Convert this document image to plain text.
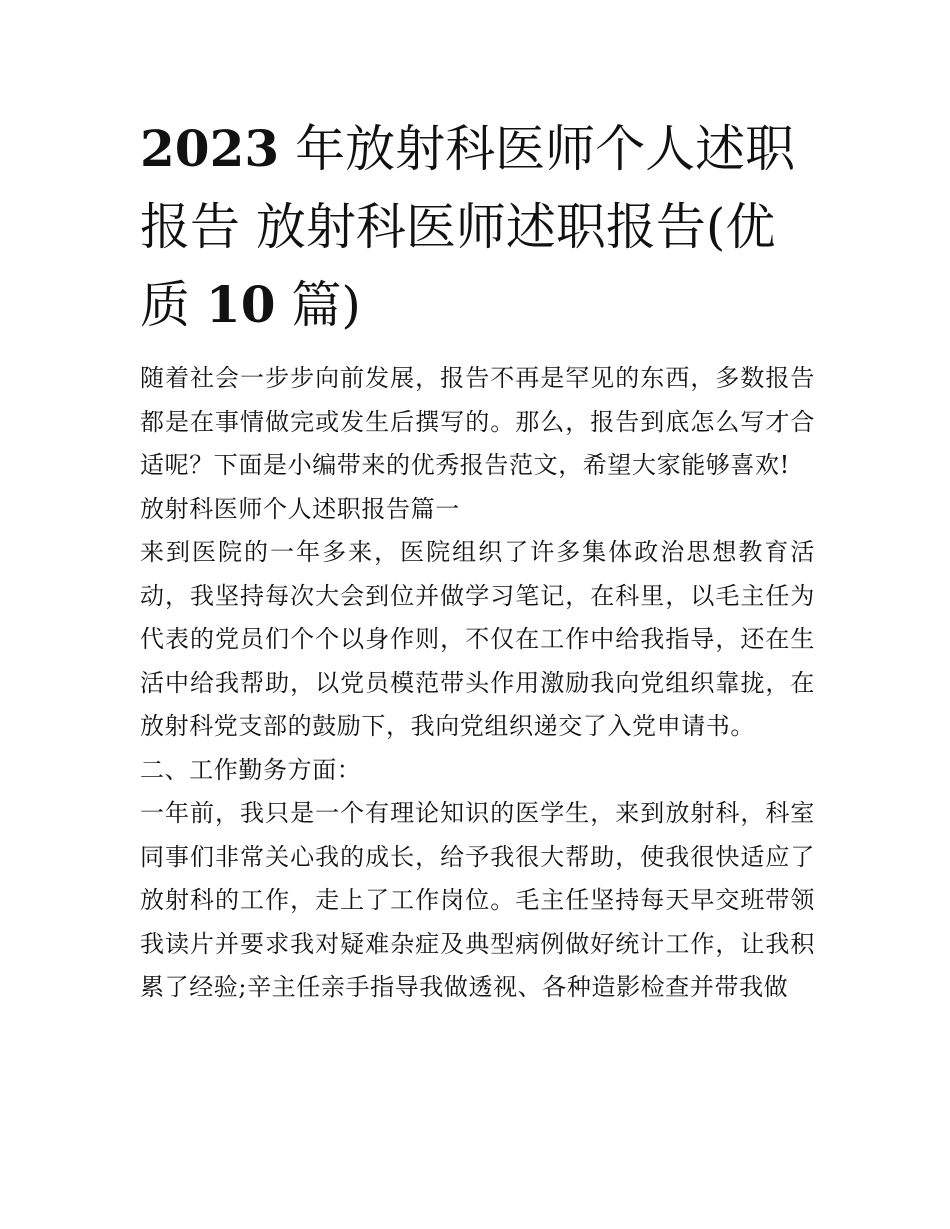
2023 年放射科医师个人述职报告 放射科医师述职报告(优质 10 篇)

随着社会一步步向前发展，报告不再是罕见的东西，多数报告都是在事情做完或发生后撰写的。那么，报告到底怎么写才合适呢？下面是小编带来的优秀报告范文，希望大家能够喜欢!

放射科医师个人述职报告篇一

来到医院的一年多来，医院组织了许多集体政治思想教育活动，我坚持每次大会到位并做学习笔记，在科里，以毛主任为代表的党员们个个以身作则，不仅在工作中给我指导，还在生活中给我帮助，以党员模范带头作用激励我向党组织靠拢，在放射科党支部的鼓励下，我向党组织递交了入党申请书。

二、工作勤务方面：

一年前，我只是一个有理论知识的医学生，来到放射科，科室同事们非常关心我的成长，给予我很大帮助，使我很快适应了放射科的工作，走上了工作岗位。毛主任坚持每天早交班带领我读片并要求我对疑难杂症及典型病例做好统计工作，让我积累了经验;辛主任亲手指导我做透视、各种造影检查并带我做
